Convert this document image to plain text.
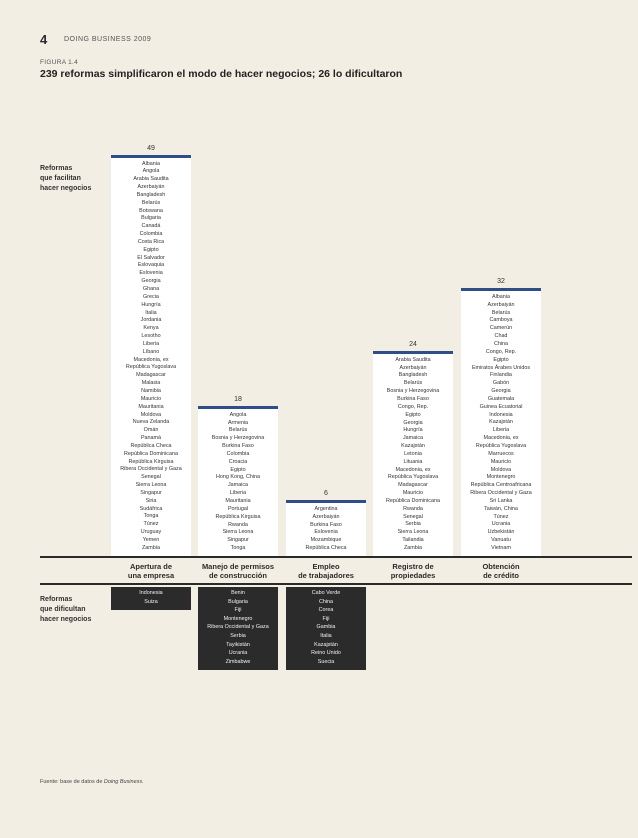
4 DOING BUSINESS 2009
FIGURA 1.4
239 reformas simplificaron el modo de hacer negocios; 26 lo dificultaron
Reformas
que facilitan
hacer negocios
Reformas
que dificultan
hacer negocios
49
Albania
Angola
Arabia Saudita
Azerbaiyán
Bangladesh
Belarús
Botswana
Bulgaria
Canadá
Colombia
Costa Rica
Egipto
El Salvador
Eslovaquia
Eslovenia
Georgia
Ghana
Grecia
Hungría
Italia
Jordania
Kenya
Lesotho
Liberia
Líbano
Macedonia, ex
República Yugoslava
Madagascar
Malasia
Namibia
Mauricio
Mauritania
Moldova
Nueva Zelanda
Omán
Panamá
República Checa
República Dominicana
República Kirguisa
Ribera Occidental y Gaza
Senegal
Sierra Leona
Singapur
Siria
Sudáfrica
Tonga
Túnez
Uruguay
Yemen
Zambia
18
Angola
Armenia
Belarús
Bosnia y Herzegovina
Burkina Faso
Colombia
Croacia
Egipto
Hong Kong, China
Jamaica
Liberia
Mauritania
Portugal
República Kirguisa
Rwanda
Sierra Leona
Singapur
Tonga
6
Argentina
Azerbaiyán
Burkina Faso
Eslovenia
Mozambique
República Checa
24
Arabia Saudita
Azerbaiyán
Bangladesh
Belarús
Bosnia y Herzegovina
Burkina Faso
Congo, Rep.
Egipto
Georgia
Hungría
Jamaica
Kazajstán
Letonia
Lituania
Macedonia, ex
República Yugoslava
Madagascar
Mauricio
República Dominicana
Rwanda
Senegal
Serbia
Sierra Leona
Tailandia
Zambia
32
Albania
Azerbaiyán
Belarús
Camboya
Camerún
Chad
China
Congo, Rep.
Egipto
Emiratos Árabes Unidos
Finlandia
Gabón
Georgia
Guatemala
Guinea Ecuatorial
Indonesia
Kazajstán
Liberia
Macedonia, ex
República Yugoslava
Marruecos
Mauricio
Moldova
Montenegro
República Centroafricana
Ribera Occidental y Gaza
Sri Lanka
Taiwán, China
Túnez
Ucrania
Uzbekistán
Vanuatu
Vietnam
Apertura de
una empresa
Manejo de permisos
de construcción
Empleo
de trabajadores
Registro de
propiedades
Obtención
de crédito
Indonesia
Suiza
Benin
Bulgaria
Fiji
Montenegro
Ribera Occidental y Gaza
Serbia
Tayikistán
Ucrania
Zimbabwe
Cabo Verde
China
Corea
Fiji
Gambia
Italia
Kazajstán
Reino Unido
Suecia
Fuente: base de datos de Doing Business.
